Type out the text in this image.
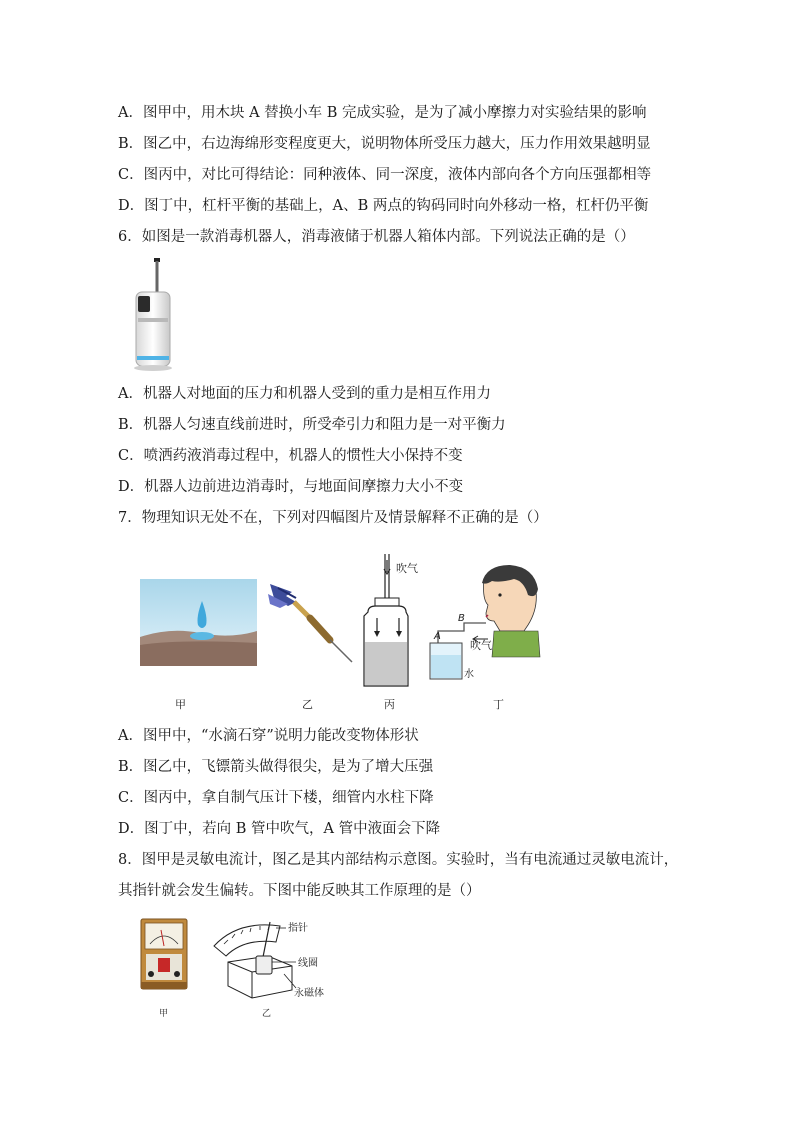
A．图甲中，用木块 A 替换小车 B 完成实验，是为了减小摩擦力对实验结果的影响
B．图乙中，右边海绵形变程度更大，说明物体所受压力越大，压力作用效果越明显
C．图丙中，对比可得结论：同种液体、同一深度，液体内部向各个方向压强都相等
D．图丁中，杠杆平衡的基础上，A、B 两点的钩码同时向外移动一格，杠杆仍平衡
6．如图是一款消毒机器人，消毒液储于机器人箱体内部。下列说法正确的是（）
A．机器人对地面的压力和机器人受到的重力是相互作用力
B．机器人匀速直线前进时，所受牵引力和阻力是一对平衡力
C．喷洒药液消毒过程中，机器人的惯性大小保持不变
D．机器人边前进边消毒时，与地面间摩擦力大小不变
7．物理知识无处不在，下列对四幅图片及情景解释不正确的是（）
吹气
A
B
吹气
水
甲	乙	丙	丁
A．图甲中，“水滴石穿”说明力能改变物体形状
B．图乙中，飞镖箭头做得很尖，是为了增大压强
C．图丙中，拿自制气压计下楼，细管内水柱下降
D．图丁中，若向 B 管中吹气，A 管中液面会下降
8．图甲是灵敏电流计，图乙是其内部结构示意图。实验时，当有电流通过灵敏电流计，
其指针就会发生偏转。下图中能反映其工作原理的是（）
指针
线圈
永磁体
甲	乙
